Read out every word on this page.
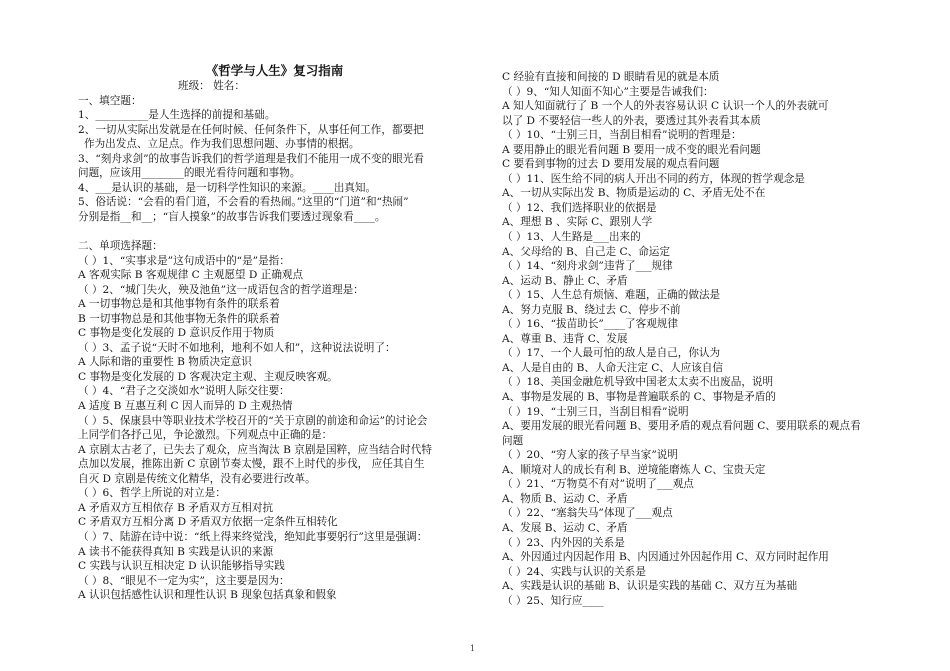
《哲学与人生》复习指南
班级： 姓名：
一、填空题：
1、__________是人生选择的前提和基础。
2、一切从实际出发就是在任何时候、任何条件下，从事任何工作，都要把
作为出发点、立足点。作为我们思想问题、办事情的根据。
3、“刻舟求剑”的故事告诉我们的哲学道理是我们不能用一成不变的眼光看
问题，应该用________的眼光看待问题和事物。
4、___是认识的基础，是一切科学性知识的来源。____出真知。
5、俗话说：“会看的看门道，不会看的看热闹。”这里的“门道”和“热闹”
分别是指__和__；“盲人摸象”的故事告诉我们要透过现象看____。
二、单项选择题：
（ ）1、“实事求是”这句成语中的“是”是指：
A 客观实际 B 客观规律 C 主观愿望 D 正确观点
（ ）2、“城门失火，殃及池鱼”这一成语包含的哲学道理是：
A 一切事物总是和其他事物有条件的联系着
B 一切事物总是和其他事物无条件的联系着
C 事物是变化发展的 D 意识反作用于物质
（ ）3、孟子说“天时不如地利，地利不如人和”，这种说法说明了：
A 人际和谐的重要性 B 物质决定意识
C 事物是变化发展的 D 客观决定主观、主观反映客观。
（ ）4、“君子之交淡如水”说明人际交往要：
A 适度 B 互惠互利 C 因人而异的 D 主观热情
（ ）5、保康县中等职业技术学校召开的“关于京剧的前途和命运”的讨论会
上同学们各抒己见，争论激烈。下列观点中正确的是：
A 京剧太古老了，已失去了观众，应当淘汰 B 京剧是国粹，应当结合时代特
点加以发展，推陈出新 C 京剧节奏太慢，跟不上时代的步伐， 应任其自生
自灭 D 京剧是传统文化精华，没有必要进行改革。
（ ）6、哲学上所说的对立是：
A 矛盾双方互相依存 B 矛盾双方互相对抗
C 矛盾双方互相分离 D 矛盾双方依据一定条件互相转化
（ ）7、陆游在诗中说：“纸上得来终觉浅，绝知此事要躬行”这里是强调：
A 读书不能获得真知 B 实践是认识的来源
C 实践与认识互相决定 D 认识能够指导实践
（ ）8、“眼见不一定为实”，这主要是因为：
A 认识包括感性认识和理性认识 B 现象包括真象和假象
C 经验有直接和间接的 D 眼睛看见的就是本质
（ ）9、“知人知面不知心”主要是告诫我们：
A 知人知面就行了 B 一个人的外表容易认识 C 认识一个人的外表就可
以了 D 不要轻信一些人的外表，要透过其外表看其本质
（ ）10、“士别三日，当刮目相看”说明的哲理是：
A 要用静止的眼光看问题 B 要用一成不变的眼光看问题
C 要看到事物的过去 D 要用发展的观点看问题
（ ）11、医生给不同的病人开出不同的药方，体现的哲学观念是
A、一切从实际出发 B、物质是运动的 C、矛盾无处不在
（ ）12、我们选择职业的依据是
A、理想 B 、实际 C、跟别人学
（ ）13、人生路是___出来的
A、父母给的 B、自己走 C、命运定
（ ）14、“刻舟求剑”违背了___规律
A、运动 B、静止 C、矛盾
（ ）15、人生总有烦恼、难题，正确的做法是
A、努力克服 B、绕过去 C、停步不前
（ ）16、“拔苗助长”____了客观规律
A、尊重 B、违背 C、发展
（ ）17、一个人最可怕的敌人是自己，你认为
A、人是自由的 B、人命天注定 C、人应该自信
（ ）18、美国金融危机导致中国老太太卖不出废品，说明
A、事物是发展的 B、事物是普遍联系的 C、事物是矛盾的
（ ）19、“士别三日，当刮目相看”说明
A、要用发展的眼光看问题 B、要用矛盾的观点看问题 C、要用联系的观点看
问题
（ ）20、“穷人家的孩子早当家”说明
A、顺境对人的成长有利 B、逆境能磨炼人 C、宝贵天定
（ ）21、“万物莫不有对”说明了___观点
A、物质 B、运动 C、矛盾
（ ）22、“塞翁失马”体现了___观点
A、发展 B、运动 C、矛盾
（ ）23、内外因的关系是
A、外因通过内因起作用 B、内因通过外因起作用 C、双方同时起作用
（ ）24、实践与认识的关系是
A、实践是认识的基础 B、认识是实践的基础 C、双方互为基础
（ ）25、知行应____
1
